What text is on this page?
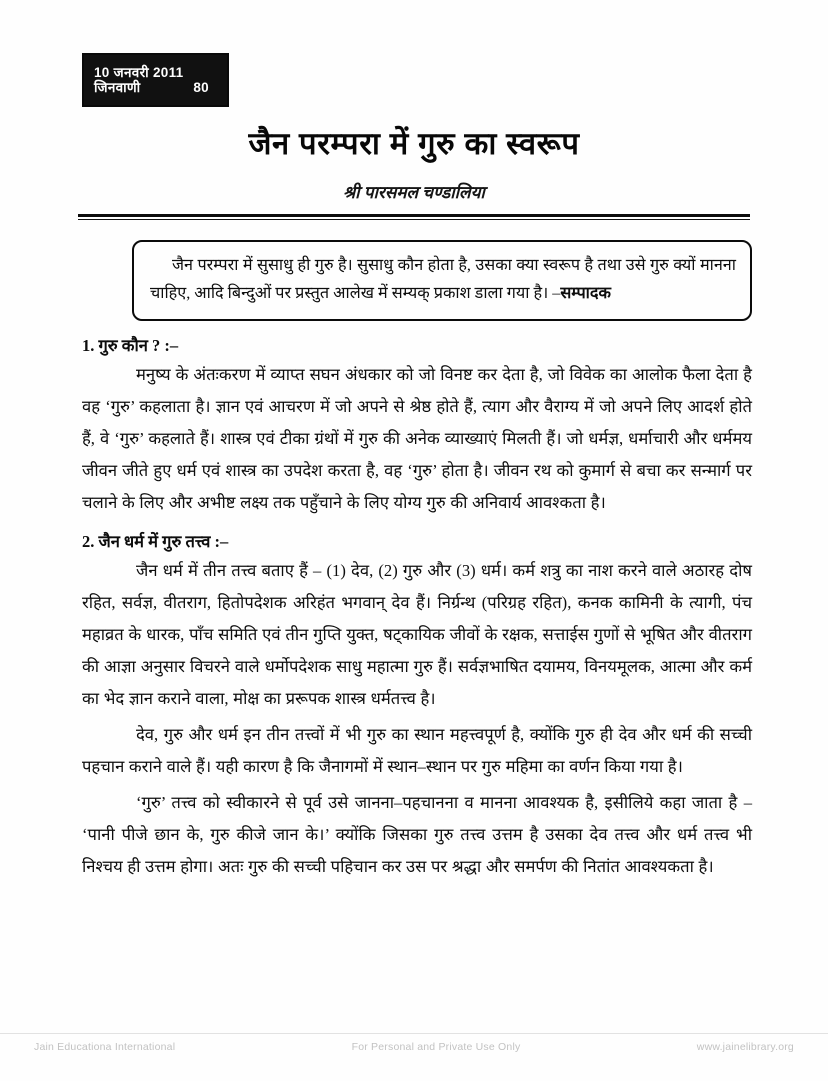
10 जनवरी 2011
जिनवाणी	80
जैन परम्परा में गुरु का स्वरूप
श्री पारसमल चण्डालिया
जैन परम्परा में सुसाधु ही गुरु है। सुसाधु कौन होता है, उसका क्या स्वरूप है तथा उसे गुरु क्यों मानना चाहिए, आदि बिन्दुओं पर प्रस्तुत आलेख में सम्यक् प्रकाश डाला गया है। –सम्पादक
1. गुरु कौन ? :–

मनुष्य के अंतःकरण में व्याप्त सघन अंधकार को जो विनष्ट कर देता है, जो विवेक का आलोक फैला देता है वह ‘गुरु’ कहलाता है। ज्ञान एवं आचरण में जो अपने से श्रेष्ठ होते हैं, त्याग और वैराग्य में जो अपने लिए आदर्श होते हैं, वे ‘गुरु’ कहलाते हैं। शास्त्र एवं टीका ग्रंथों में गुरु की अनेक व्याख्याएं मिलती हैं। जो धर्मज्ञ, धर्माचारी और धर्ममय जीवन जीते हुए धर्म एवं शास्त्र का उपदेश करता है, वह ‘गुरु’ होता है। जीवन रथ को कुमार्ग से बचा कर सन्मार्ग पर चलाने के लिए और अभीष्ट लक्ष्य तक पहुँचाने के लिए योग्य गुरु की अनिवार्य आवश्कता है।

2. जैन धर्म में गुरु तत्त्व :–

जैन धर्म में तीन तत्त्व बताए हैं – (1) देव, (2) गुरु और (3) धर्म। कर्म शत्रु का नाश करने वाले अठारह दोष रहित, सर्वज्ञ, वीतराग, हितोपदेशक अरिहंत भगवान् देव हैं। निर्ग्रन्थ (परिग्रह रहित), कनक कामिनी के त्यागी, पंच महाव्रत के धारक, पाँच समिति एवं तीन गुप्ति युक्त, षट्कायिक जीवों के रक्षक, सत्ताईस गुणों से भूषित और वीतराग की आज्ञा अनुसार विचरने वाले धर्मोपदेशक साधु महात्मा गुरु हैं। सर्वज्ञभाषित दयामय, विनयमूलक, आत्मा और कर्म का भेद ज्ञान कराने वाला, मोक्ष का प्ररूपक शास्त्र धर्मतत्त्व है।

देव, गुरु और धर्म इन तीन तत्त्वों में भी गुरु का स्थान महत्त्वपूर्ण है, क्योंकि गुरु ही देव और धर्म की सच्ची पहचान कराने वाले हैं। यही कारण है कि जैनागमों में स्थान–स्थान पर गुरु महिमा का वर्णन किया गया है।

‘गुरु’ तत्त्व को स्वीकारने से पूर्व उसे जानना–पहचानना व मानना आवश्यक है, इसीलिये कहा जाता है – ‘पानी पीजे छान के, गुरु कीजे जान के।’ क्योंकि जिसका गुरु तत्त्व उत्तम है उसका देव तत्त्व और धर्म तत्त्व भी निश्चय ही उत्तम होगा। अतः गुरु की सच्ची पहिचान कर उस पर श्रद्धा और समर्पण की नितांत आवश्यकता है।

Jain Educationa International	For Personal and Private Use Only	www.jainelibrary.org
